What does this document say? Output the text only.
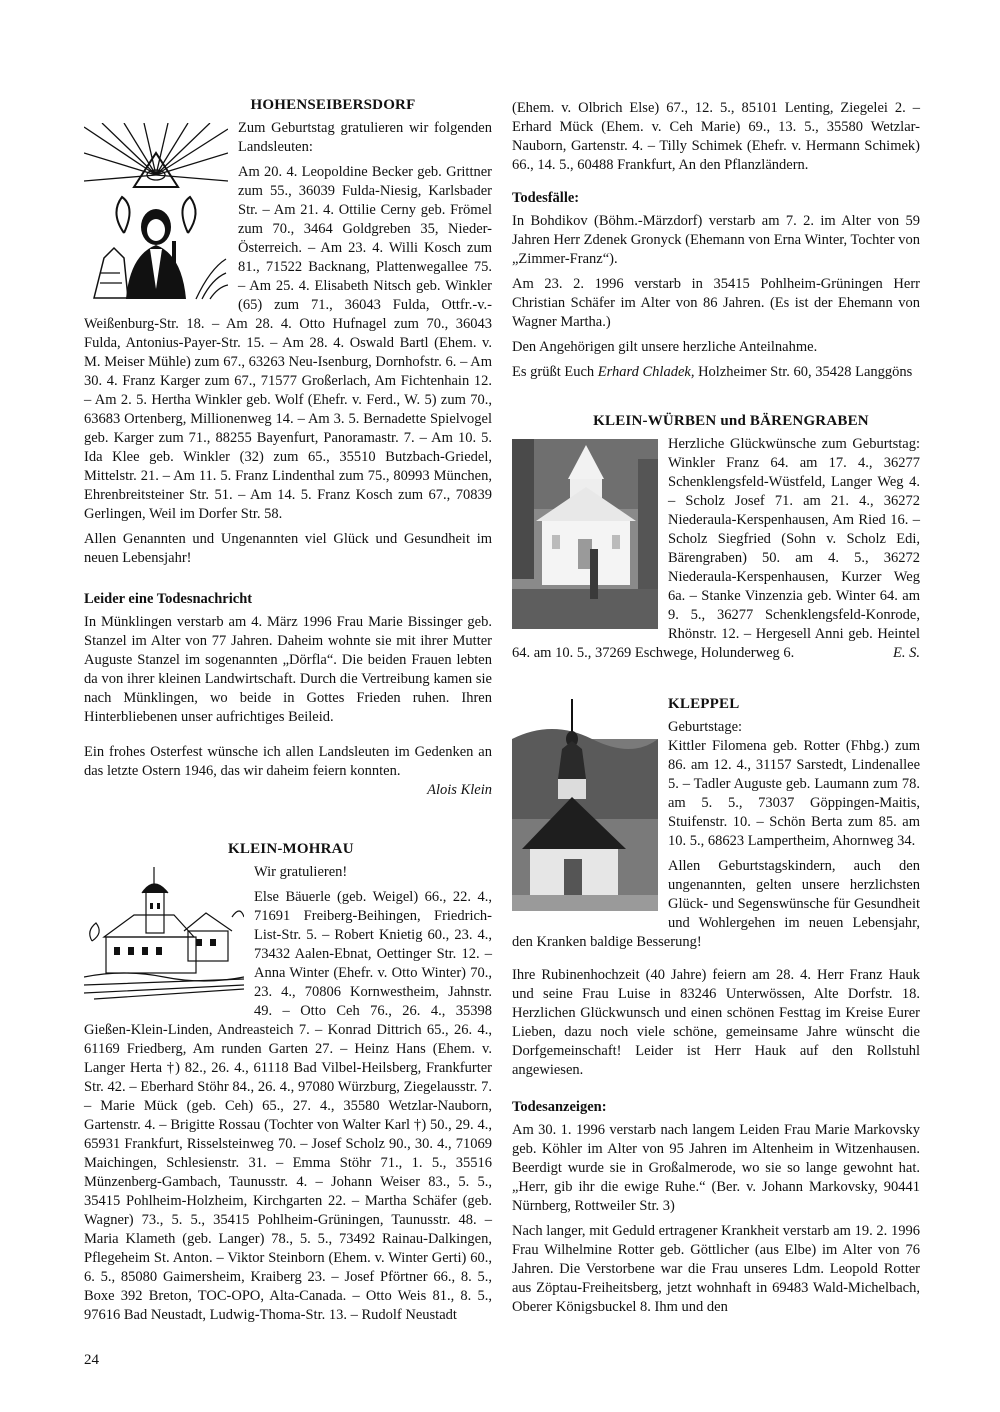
HOHENSEIBERSDORF

Zum Geburtstag gratulieren wir folgenden Landsleuten:

Am 20. 4. Leopoldine Becker geb. Grittner zum 55., 36039 Fulda-Niesig, Karlsbader Str. – Am 21. 4. Ottilie Cerny geb. Frömel zum 70., 3464 Goldgreben 35, Nieder-Österreich. – Am 23. 4. Willi Kosch zum 81., 71522 Backnang, Plattenwegallee 75. – Am 25. 4. Elisabeth Nitsch geb. Winkler (65) zum 71., 36043 Fulda, Ottfr.-v.-Weißenburg-Str. 18. – Am 28. 4. Otto Hufnagel zum 70., 36043 Fulda, Antonius-Payer-Str. 15. – Am 28. 4. Oswald Bartl (Ehem. v. M. Meiser Mühle) zum 67., 63263 Neu-Isenburg, Dornhofstr. 6. – Am 30. 4. Franz Karger zum 67., 71577 Großerlach, Am Fichtenhain 12. – Am 2. 5. Hertha Winkler geb. Wolf (Ehefr. v. Ferd., W. 5) zum 70., 63683 Ortenberg, Millionenweg 14. – Am 3. 5. Bernadette Spielvogel geb. Karger zum 71., 88255 Bayenfurt, Panoramastr. 7. – Am 10. 5. Ida Klee geb. Winkler (32) zum 65., 35510 Butzbach-Griedel, Mittelstr. 21. – Am 11. 5. Franz Lindenthal zum 75., 80993 München, Ehrenbreitsteiner Str. 51. – Am 14. 5. Franz Kosch zum 67., 70839 Gerlingen, Weil im Dorfer Str. 58.

Allen Genannten und Ungenannten viel Glück und Gesundheit im neuen Lebensjahr!

Leider eine Todesnachricht

In Münklingen verstarb am 4. März 1996 Frau Marie Bissinger geb. Stanzel im Alter von 77 Jahren. Daheim wohnte sie mit ihrer Mutter Auguste Stanzel im sogenannten „Dörfla“. Die beiden Frauen lebten da von ihrer kleinen Landwirtschaft. Durch die Vertreibung kamen sie nach Münklingen, wo beide in Gottes Frieden ruhen. Ihren Hinterbliebenen unser aufrichtiges Beileid.

Ein frohes Osterfest wünsche ich allen Landsleuten im Gedenken an das letzte Ostern 1946, das wir daheim feiern konnten.

Alois Klein
KLEIN-MOHRAU

Wir gratulieren!

Else Bäuerle (geb. Weigel) 66., 22. 4., 71691 Freiberg-Beihingen, Friedrich-List-Str. 5. – Robert Knietig 60., 23. 4., 73432 Aalen-Ebnat, Oettinger Str. 12. – Anna Winter (Ehefr. v. Otto Winter) 70., 23. 4., 70806 Kornwestheim, Jahnstr. 49. – Otto Ceh 76., 26. 4., 35398 Gießen-Klein-Linden, Andreasteich 7. – Konrad Dittrich 65., 26. 4., 61169 Friedberg, Am runden Garten 27. – Heinz Hans (Ehem. v. Langer Herta †) 82., 26. 4., 61118 Bad Vilbel-Heilsberg, Frankfurter Str. 42. – Eberhard Stöhr 84., 26. 4., 97080 Würzburg, Ziegelausstr. 7. – Marie Mück (geb. Ceh) 65., 27. 4., 35580 Wetzlar-Nauborn, Gartenstr. 4. – Brigitte Rossau (Tochter von Walter Karl †) 50., 29. 4., 65931 Frankfurt, Risselsteinweg 70. – Josef Scholz 90., 30. 4., 71069 Maichingen, Schlesienstr. 31. – Emma Stöhr 71., 1. 5., 35516 Münzenberg-Gambach, Taunusstr. 4. – Johann Weiser 83., 5. 5., 35415 Pohlheim-Holzheim, Kirchgarten 22. – Martha Schäfer (geb. Wagner) 73., 5. 5., 35415 Pohlheim-Grüningen, Taunusstr. 48. – Maria Klameth (geb. Langer) 78., 5. 5., 73492 Rainau-Dalkingen, Pflegeheim St. Anton. – Viktor Steinborn (Ehem. v. Winter Gerti) 60., 6. 5., 85080 Gaimersheim, Kraiberg 23. – Josef Pförtner 66., 8. 5., Boxe 392 Breton, TOC-OPO, Alta-Canada. – Otto Weis 81., 8. 5., 97616 Bad Neustadt, Ludwig-Thoma-Str. 13. – Rudolf Neustadt

(Ehem. v. Olbrich Else) 67., 12. 5., 85101 Lenting, Ziegelei 2. – Erhard Mück (Ehem. v. Ceh Marie) 69., 13. 5., 35580 Wetzlar-Nauborn, Gartenstr. 4. – Tilly Schimek (Ehefr. v. Hermann Schimek) 66., 14. 5., 60488 Frankfurt, An den Pflanzländern.

Todesfälle:

In Bohdikov (Böhm.-Märzdorf) verstarb am 7. 2. im Alter von 59 Jahren Herr Zdenek Gronyck (Ehemann von Erna Winter, Tochter von „Zimmer-Franz“).

Am 23. 2. 1996 verstarb in 35415 Pohlheim-Grüningen Herr Christian Schäfer im Alter von 86 Jahren. (Es ist der Ehemann von Wagner Martha.)

Den Angehörigen gilt unsere herzliche Anteilnahme.

Es grüßt Euch Erhard Chladek, Holzheimer Str. 60, 35428 Langgöns

KLEIN-WÜRBEN und BÄRENGRABEN

Herzliche Glückwünsche zum Geburtstag: Winkler Franz 64. am 17. 4., 36277 Schenklengsfeld-Wüstfeld, Langer Weg 4. – Scholz Josef 71. am 21. 4., 36272 Niederaula-Kerspenhausen, Am Ried 16. – Scholz Siegfried (Sohn v. Scholz Edi, Bärengraben) 50. am 4. 5., 36272 Niederaula-Kerspenhausen, Kurzer Weg 6a. – Stanke Vinzenzia geb. Winter 64. am 9. 5., 36277 Schenklengsfeld-Konrode, Rhönstr. 12. – Hergesell Anni geb. Heintel 64. am 10. 5., 37269 Eschwege, Holunderweg 6.	E. S.

KLEPPEL

Geburtstage:

Kittler Filomena geb. Rotter (Fhbg.) zum 86. am 12. 4., 31157 Sarstedt, Lindenallee 5. – Tadler Auguste geb. Laumann zum 78. am 5. 5., 73037 Göppingen-Maitis, Stuifenstr. 10. – Schön Berta zum 85. am 10. 5., 68623 Lampertheim, Ahornweg 34.

Allen Geburtstagskindern, auch den ungenannten, gelten unsere herzlichsten Glück- und Segenswünsche für Gesundheit und Wohlergehen im neuen Lebensjahr, den Kranken baldige Besserung!

Ihre Rubinenhochzeit (40 Jahre) feiern am 28. 4. Herr Franz Hauk und seine Frau Luise in 83246 Unterwössen, Alte Dorfstr. 18. Herzlichen Glückwunsch und einen schönen Festtag im Kreise Eurer Lieben, dazu noch viele schöne, gemeinsame Jahre wünscht die Dorfgemeinschaft! Leider ist Herr Hauk auf den Rollstuhl angewiesen.

Todesanzeigen:

Am 30. 1. 1996 verstarb nach langem Leiden Frau Marie Markovsky geb. Köhler im Alter von 95 Jahren im Altenheim in Witzenhausen. Beerdigt wurde sie in Großalmerode, wo sie so lange gewohnt hat. „Herr, gib ihr die ewige Ruhe.“ (Ber. v. Johann Markovsky, 90441 Nürnberg, Rottweiler Str. 3)

Nach langer, mit Geduld ertragener Krankheit verstarb am 19. 2. 1996 Frau Wilhelmine Rotter geb. Göttlicher (aus Elbe) im Alter von 76 Jahren. Die Verstorbene war die Frau unseres Ldm. Leopold Rotter aus Zöptau-Freiheitsberg, jetzt wohnhaft in 69483 Wald-Michelbach, Oberer Königsbuckel 8. Ihm und den

24
